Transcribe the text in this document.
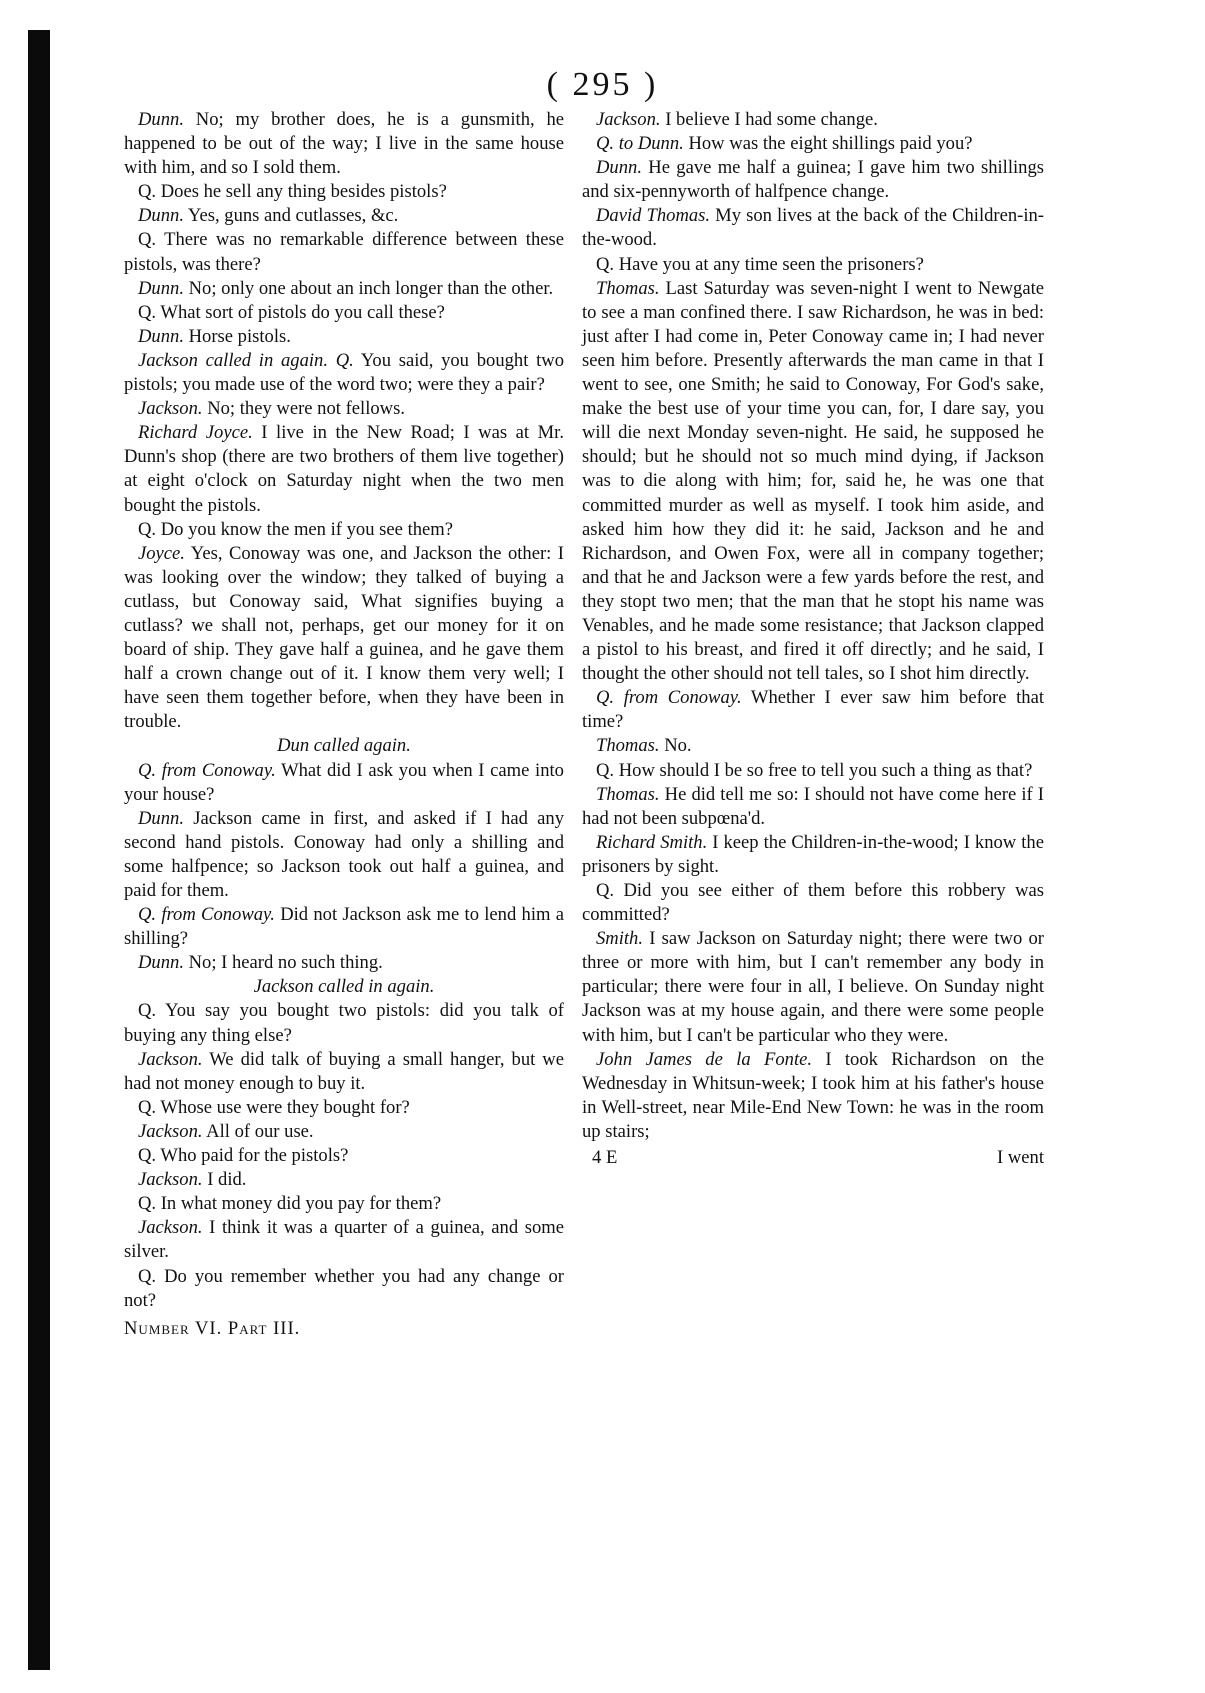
( 295 )

Dunn. No; my brother does, he is a gunsmith, he happened to be out of the way; I live in the same house with him, and so I sold them.

Q. Does he sell any thing besides pistols?

Dunn. Yes, guns and cutlasses, &c.

Q. There was no remarkable difference between these pistols, was there?

Dunn. No; only one about an inch longer than the other.

Q. What sort of pistols do you call these?

Dunn. Horse pistols.

Jackson called in again. Q. You said, you bought two pistols; you made use of the word two; were they a pair?

Jackson. No; they were not fellows.

Richard Joyce. I live in the New Road; I was at Mr. Dunn's shop (there are two brothers of them live together) at eight o'clock on Saturday night when the two men bought the pistols.

Q. Do you know the men if you see them?

Joyce. Yes, Conoway was one, and Jackson the other: I was looking over the window; they talked of buying a cutlass, but Conoway said, What signifies buying a cutlass? we shall not, perhaps, get our money for it on board of ship. They gave half a guinea, and he gave them half a crown change out of it. I know them very well; I have seen them together before, when they have been in trouble.

Dun called again.

Q. from Conoway. What did I ask you when I came into your house?

Dunn. Jackson came in first, and asked if I had any second hand pistols. Conoway had only a shilling and some halfpence; so Jackson took out half a guinea, and paid for them.

Q. from Conoway. Did not Jackson ask me to lend him a shilling?

Dunn. No; I heard no such thing.

Jackson called in again.

Q. You say you bought two pistols: did you talk of buying any thing else?

Jackson. We did talk of buying a small hanger, but we had not money enough to buy it.

Q. Whose use were they bought for?

Jackson. All of our use.

Q. Who paid for the pistols?

Jackson. I did.

Q. In what money did you pay for them?

Jackson. I think it was a quarter of a guinea, and some silver.

Q. Do you remember whether you had any change or not?

Number VI. Part III.

Jackson. I believe I had some change.

Q. to Dunn. How was the eight shillings paid you?

Dunn. He gave me half a guinea; I gave him two shillings and six-pennyworth of halfpence change.

David Thomas. My son lives at the back of the Children-in-the-wood.

Q. Have you at any time seen the prisoners?

Thomas. Last Saturday was seven-night I went to Newgate to see a man confined there. I saw Richardson, he was in bed: just after I had come in, Peter Conoway came in; I had never seen him before. Presently afterwards the man came in that I went to see, one Smith; he said to Conoway, For God's sake, make the best use of your time you can, for, I dare say, you will die next Monday seven-night. He said, he supposed he should; but he should not so much mind dying, if Jackson was to die along with him; for, said he, he was one that committed murder as well as myself. I took him aside, and asked him how they did it: he said, Jackson and he and Richardson, and Owen Fox, were all in company together; and that he and Jackson were a few yards before the rest, and they stopt two men; that the man that he stopt his name was Venables, and he made some resistance; that Jackson clapped a pistol to his breast, and fired it off directly; and he said, I thought the other should not tell tales, so I shot him directly.

Q. from Conoway. Whether I ever saw him before that time?

Thomas. No.

Q. How should I be so free to tell you such a thing as that?

Thomas. He did tell me so: I should not have come here if I had not been subpœna'd.

Richard Smith. I keep the Children-in-the-wood; I know the prisoners by sight.

Q. Did you see either of them before this robbery was committed?

Smith. I saw Jackson on Saturday night; there were two or three or more with him, but I can't remember any body in particular; there were four in all, I believe. On Sunday night Jackson was at my house again, and there were some people with him, but I can't be particular who they were.

John James de la Fonte. I took Richardson on the Wednesday in Whitsun-week; I took him at his father's house in Well-street, near Mile-End New Town: he was in the room up stairs;

4 E	I went
